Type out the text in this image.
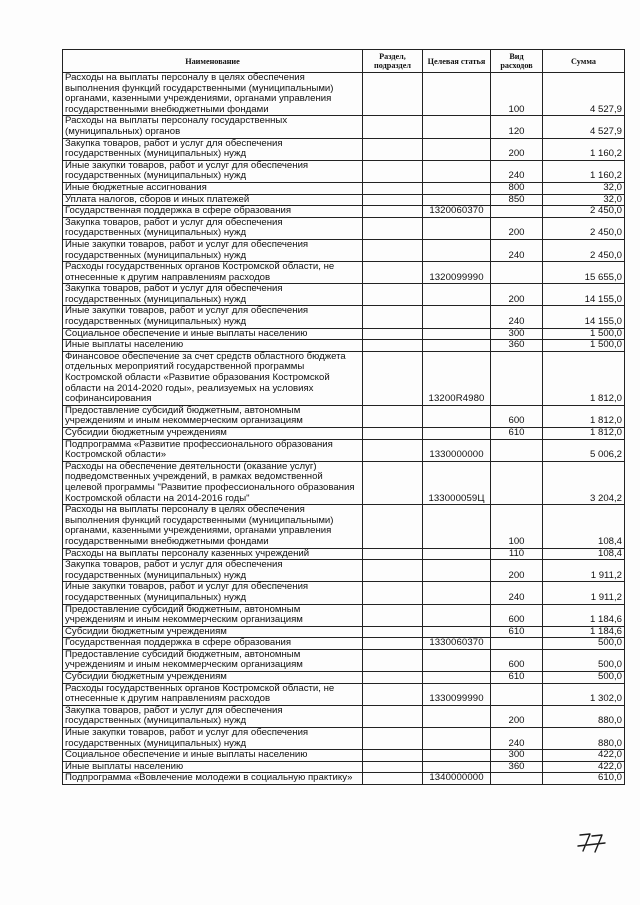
Наименование	Раздел, подраздел	Целевая статья	Вид расходов	Сумма
Расходы на выплаты персоналу в целях обеспечения выполнения функций государственными (муниципальными) органами, казенными учреждениями, органами управления государственными внебюджетными фондами			100	4 527,9
Расходы на выплаты персоналу государственных (муниципальных) органов			120	4 527,9
Закупка товаров, работ и услуг для обеспечения государственных (муниципальных) нужд			200	1 160,2
Иные закупки товаров, работ и услуг для обеспечения государственных (муниципальных) нужд			240	1 160,2
Иные бюджетные ассигнования			800	32,0
Уплата налогов, сборов и иных платежей			850	32,0
Государственная поддержка в сфере образования		1320060370		2 450,0
Закупка товаров, работ и услуг для обеспечения государственных (муниципальных) нужд			200	2 450,0
Иные закупки товаров, работ и услуг для обеспечения государственных (муниципальных) нужд			240	2 450,0
Расходы государственных органов Костромской области, не отнесенные к другим направлениям расходов		1320099990		15 655,0
Закупка товаров, работ и услуг для обеспечения государственных (муниципальных) нужд			200	14 155,0
Иные закупки товаров, работ и услуг для обеспечения государственных (муниципальных) нужд			240	14 155,0
Социальное обеспечение и иные выплаты населению			300	1 500,0
Иные выплаты населению			360	1 500,0
Финансовое обеспечение за счет средств областного бюджета отдельных мероприятий государственной программы Костромской области «Развитие образования Костромской области на 2014-2020 годы», реализуемых на условиях софинансирования		13200R4980		1 812,0
Предоставление субсидий бюджетным, автономным учреждениям и иным некоммерческим организациям			600	1 812,0
Субсидии бюджетным учреждениям			610	1 812,0
Подпрограмма «Развитие профессионального образования Костромской области»		1330000000		5 006,2
Расходы на обеспечение деятельности (оказание услуг) подведомственных учреждений, в рамках ведомственной целевой программы "Развитие профессионального образования Костромской области на 2014-2016 годы"		133000059Ц		3 204,2
Расходы на выплаты персоналу в целях обеспечения выполнения функций государственными (муниципальными) органами, казенными учреждениями, органами управления государственными внебюджетными фондами			100	108,4
Расходы на выплаты персоналу казенных учреждений			110	108,4
Закупка товаров, работ и услуг для обеспечения государственных (муниципальных) нужд			200	1 911,2
Иные закупки товаров, работ и услуг для обеспечения государственных (муниципальных) нужд			240	1 911,2
Предоставление субсидий бюджетным, автономным учреждениям и иным некоммерческим организациям			600	1 184,6
Субсидии бюджетным учреждениям			610	1 184,6
Государственная поддержка в сфере образования		1330060370		500,0
Предоставление субсидий бюджетным, автономным учреждениям и иным некоммерческим организациям			600	500,0
Субсидии бюджетным учреждениям			610	500,0
Расходы государственных органов Костромской области, не отнесенные к другим направлениям расходов		1330099990		1 302,0
Закупка товаров, работ и услуг для обеспечения государственных (муниципальных) нужд			200	880,0
Иные закупки товаров, работ и услуг для обеспечения государственных (муниципальных) нужд			240	880,0
Социальное обеспечение и иные выплаты населению			300	422,0
Иные выплаты населению			360	422,0
Подпрограмма «Вовлечение молодежи в социальную практику»		1340000000		610,0
